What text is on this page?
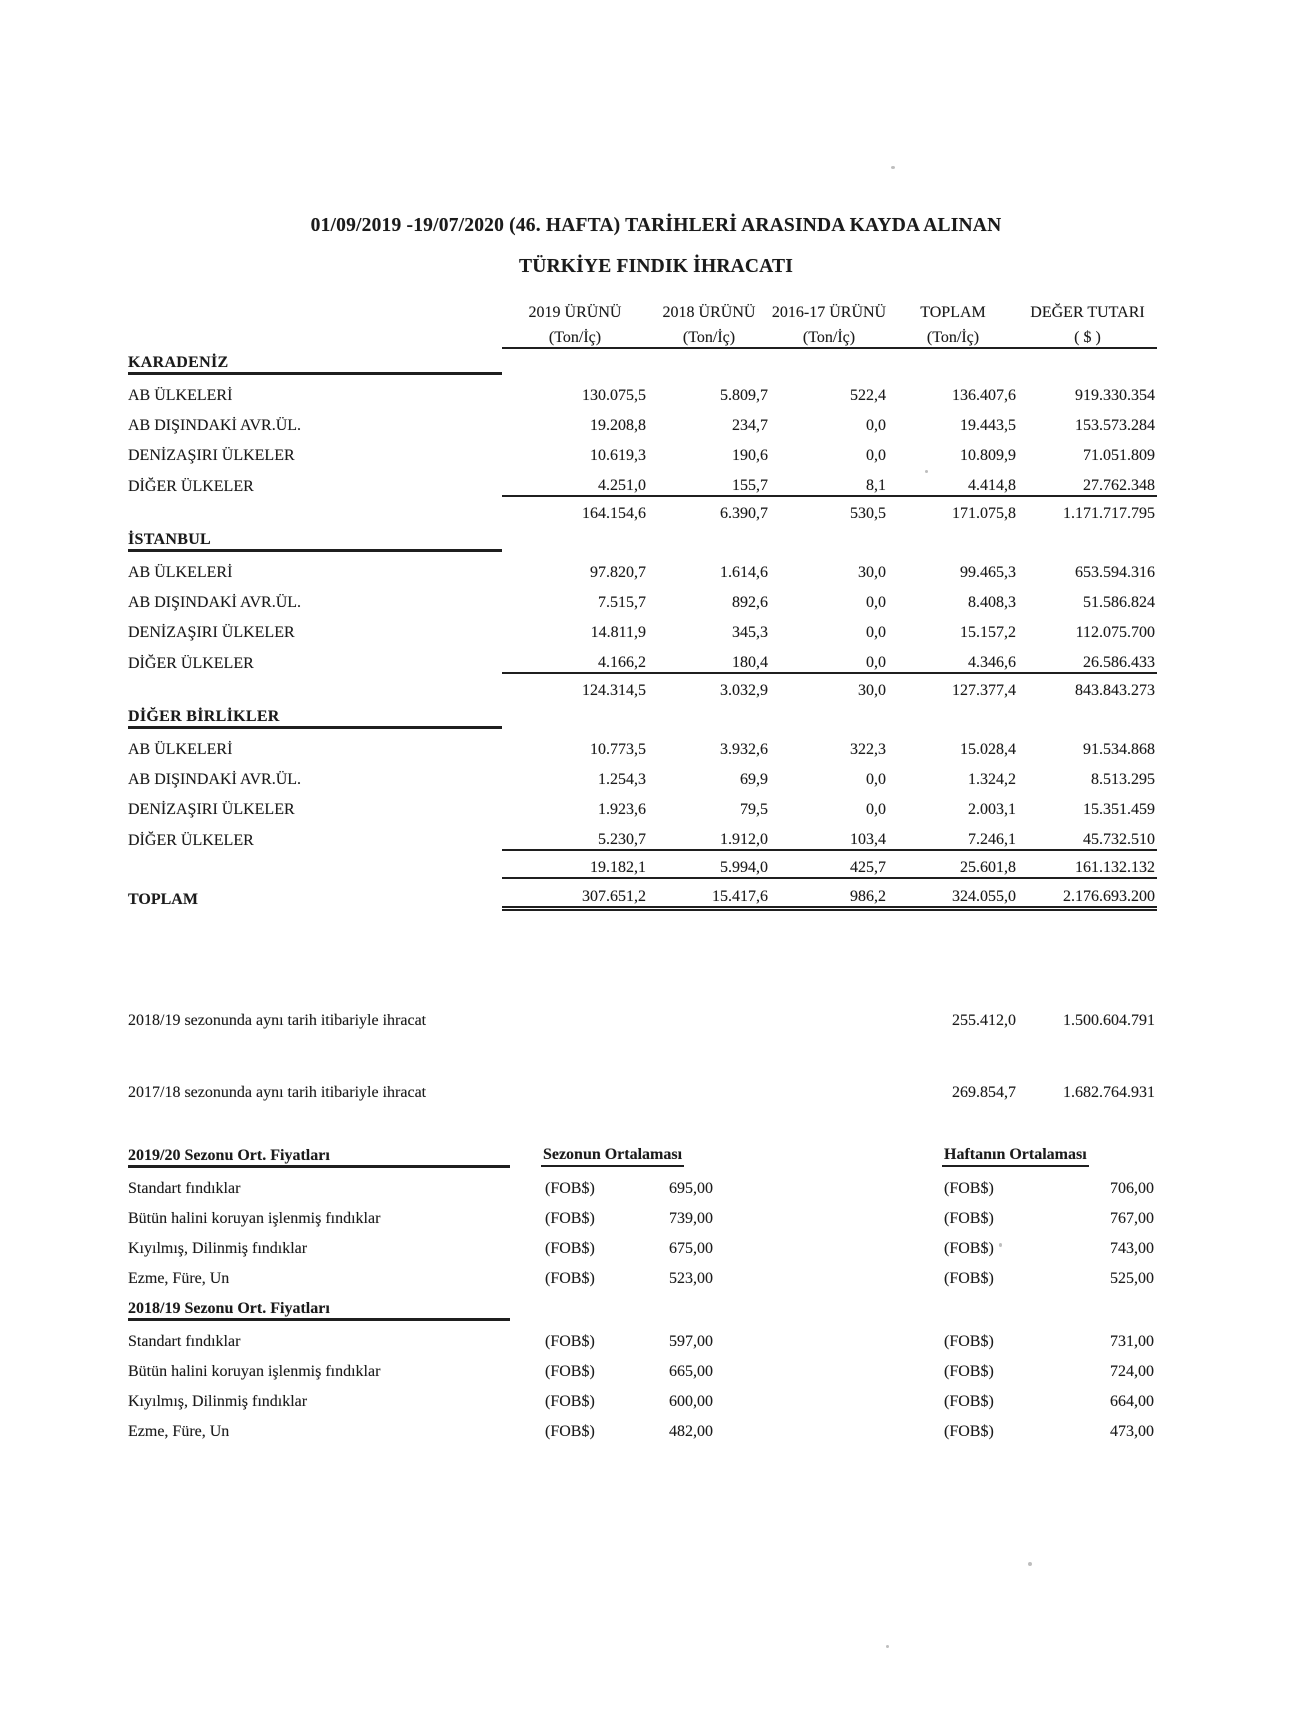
01/09/2019 -19/07/2020 (46. HAFTA) TARİHLERİ ARASINDA KAYDA ALINAN
TÜRKİYE FINDIK İHRACATI
	2019 ÜRÜNÜ	2018 ÜRÜNÜ	2016-17 ÜRÜNÜ	TOPLAM	DEĞER TUTARI
	(Ton/İç)	(Ton/İç)	(Ton/İç)	(Ton/İç)	( $ )
KARADENİZ					
AB ÜLKELERİ	130.075,5	5.809,7	522,4	136.407,6	919.330.354
AB DIŞINDAKİ AVR.ÜL.	19.208,8	234,7	0,0	19.443,5	153.573.284
DENİZAŞIRI ÜLKELER	10.619,3	190,6	0,0	10.809,9	71.051.809
DİĞER ÜLKELER	4.251,0	155,7	8,1	4.414,8	27.762.348
	164.154,6	6.390,7	530,5	171.075,8	1.171.717.795

İSTANBUL					
AB ÜLKELERİ	97.820,7	1.614,6	30,0	99.465,3	653.594.316
AB DIŞINDAKİ AVR.ÜL.	7.515,7	892,6	0,0	8.408,3	51.586.824
DENİZAŞIRI ÜLKELER	14.811,9	345,3	0,0	15.157,2	112.075.700
DİĞER ÜLKELER	4.166,2	180,4	0,0	4.346,6	26.586.433
	124.314,5	3.032,9	30,0	127.377,4	843.843.273

DİĞER BİRLİKLER					
AB ÜLKELERİ	10.773,5	3.932,6	322,3	15.028,4	91.534.868
AB DIŞINDAKİ AVR.ÜL.	1.254,3	69,9	0,0	1.324,2	8.513.295
DENİZAŞIRI ÜLKELER	1.923,6	79,5	0,0	2.003,1	15.351.459
DİĞER ÜLKELER	5.230,7	1.912,0	103,4	7.246,1	45.732.510
	19.182,1	5.994,0	425,7	25.601,8	161.132.132
TOPLAM	307.651,2	15.417,6	986,2	324.055,0	2.176.693.200
2018/19 sezonunda aynı tarih itibariyle ihracat	255.412,0	1.500.604.791
2017/18 sezonunda aynı tarih itibariyle ihracat	269.854,7	1.682.764.931
2019/20 Sezonu Ort. Fiyatları	Sezonun Ortalaması			Haftanın Ortalaması	
Standart fındıklar	(FOB$)	695,00		(FOB$)	706,00
Bütün halini koruyan işlenmiş fındıklar	(FOB$)	739,00		(FOB$)	767,00
Kıyılmış, Dilinmiş fındıklar	(FOB$)	675,00		(FOB$)	743,00
Ezme, Füre, Un	(FOB$)	523,00		(FOB$)	525,00
2018/19 Sezonu Ort. Fiyatları					
Standart fındıklar	(FOB$)	597,00		(FOB$)	731,00
Bütün halini koruyan işlenmiş fındıklar	(FOB$)	665,00		(FOB$)	724,00
Kıyılmış, Dilinmiş fındıklar	(FOB$)	600,00		(FOB$)	664,00
Ezme, Füre, Un	(FOB$)	482,00		(FOB$)	473,00
